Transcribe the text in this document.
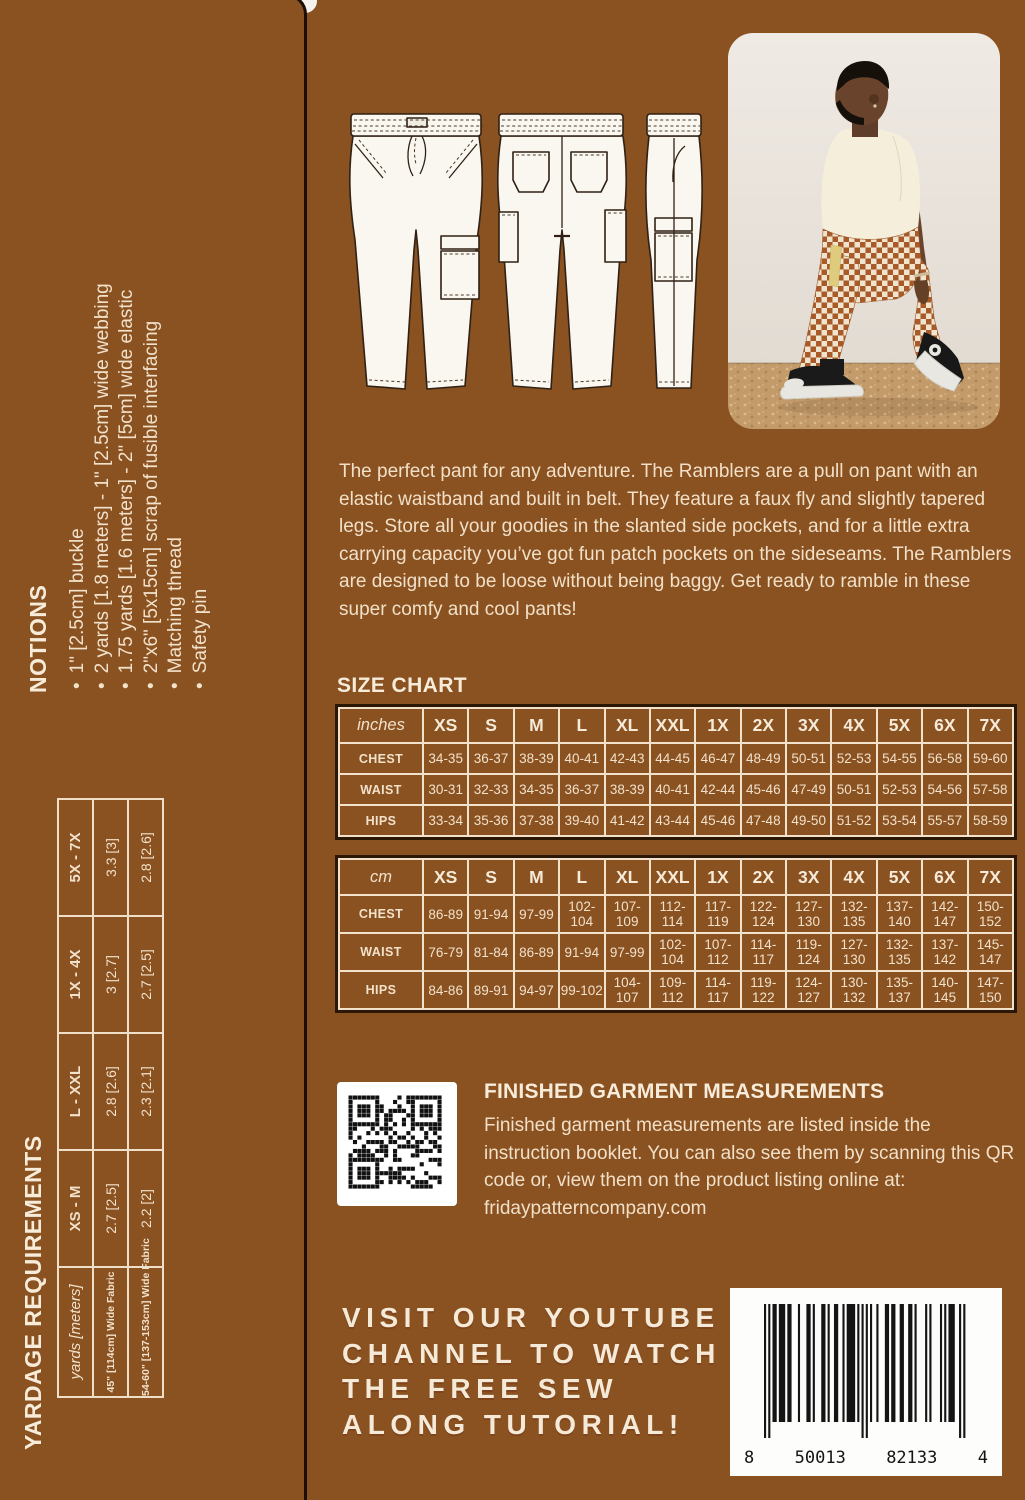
NOTIONS • 1" [2.5cm] buckle • 2 yards [1.8 meters] - 1" [2.5cm] wide webbing • 1.75 yards [1.6 meters] - 2" [5cm] wide elastic • 2"x6" [5x15cm] scrap of fusible interfacing • Matching thread • Safety pin
YARDAGE REQUIREMENTS yards [meters]	XS - M	L - XXL	1X - 4X	5X - 7X
45" [114cm] Wide Fabric	2.7 [2.5]	2.8 [2.6]	3 [2.7]	3.3 [3]
54-60" [137-153cm] Wide Fabric	2.2 [2]	2.3 [2.1]	2.7 [2.5]	2.8 [2.6]
The perfect pant for any adventure. The Ramblers are a pull on pant with an elastic waistband and built in belt. They feature a faux fly and slightly tapered legs. Store all your goodies in the slanted side pockets, and for a little extra carrying capacity you’ve got fun patch pockets on the sideseams. The Ramblers are designed to be loose without being baggy. Get ready to ramble in these super comfy and cool pants!
SIZE CHART
inches	XS	S	M	L	XL	XXL	1X	2X	3X	4X	5X	6X	7X
CHEST	34-35	36-37	38-39	40-41	42-43	44-45	46-47	48-49	50-51	52-53	54-55	56-58	59-60
WAIST	30-31	32-33	34-35	36-37	38-39	40-41	42-44	45-46	47-49	50-51	52-53	54-56	57-58
HIPS	33-34	35-36	37-38	39-40	41-42	43-44	45-46	47-48	49-50	51-52	53-54	55-57	58-59
cm	XS	S	M	L	XL	XXL	1X	2X	3X	4X	5X	6X	7X
CHEST	86-89	91-94	97-99	102-104	107-109	112-114	117-119	122-124	127-130	132-135	137-140	142-147	150-152
WAIST	76-79	81-84	86-89	91-94	97-99	102-104	107-112	114-117	119-124	127-130	132-135	137-142	145-147
HIPS	84-86	89-91	94-97	99-102	104-107	109-112	114-117	119-122	124-127	130-132	135-137	140-145	147-150
FINISHED GARMENT MEASUREMENTS

Finished garment measurements are listed inside the instruction booklet. You can also see them by scanning this QR code or, view them on the product listing online at:

fridaypatterncompany.com
VISIT OUR YOUTUBE
CHANNEL TO WATCH
THE FREE SEW
ALONG TUTORIAL!
8 50013 82133 4
